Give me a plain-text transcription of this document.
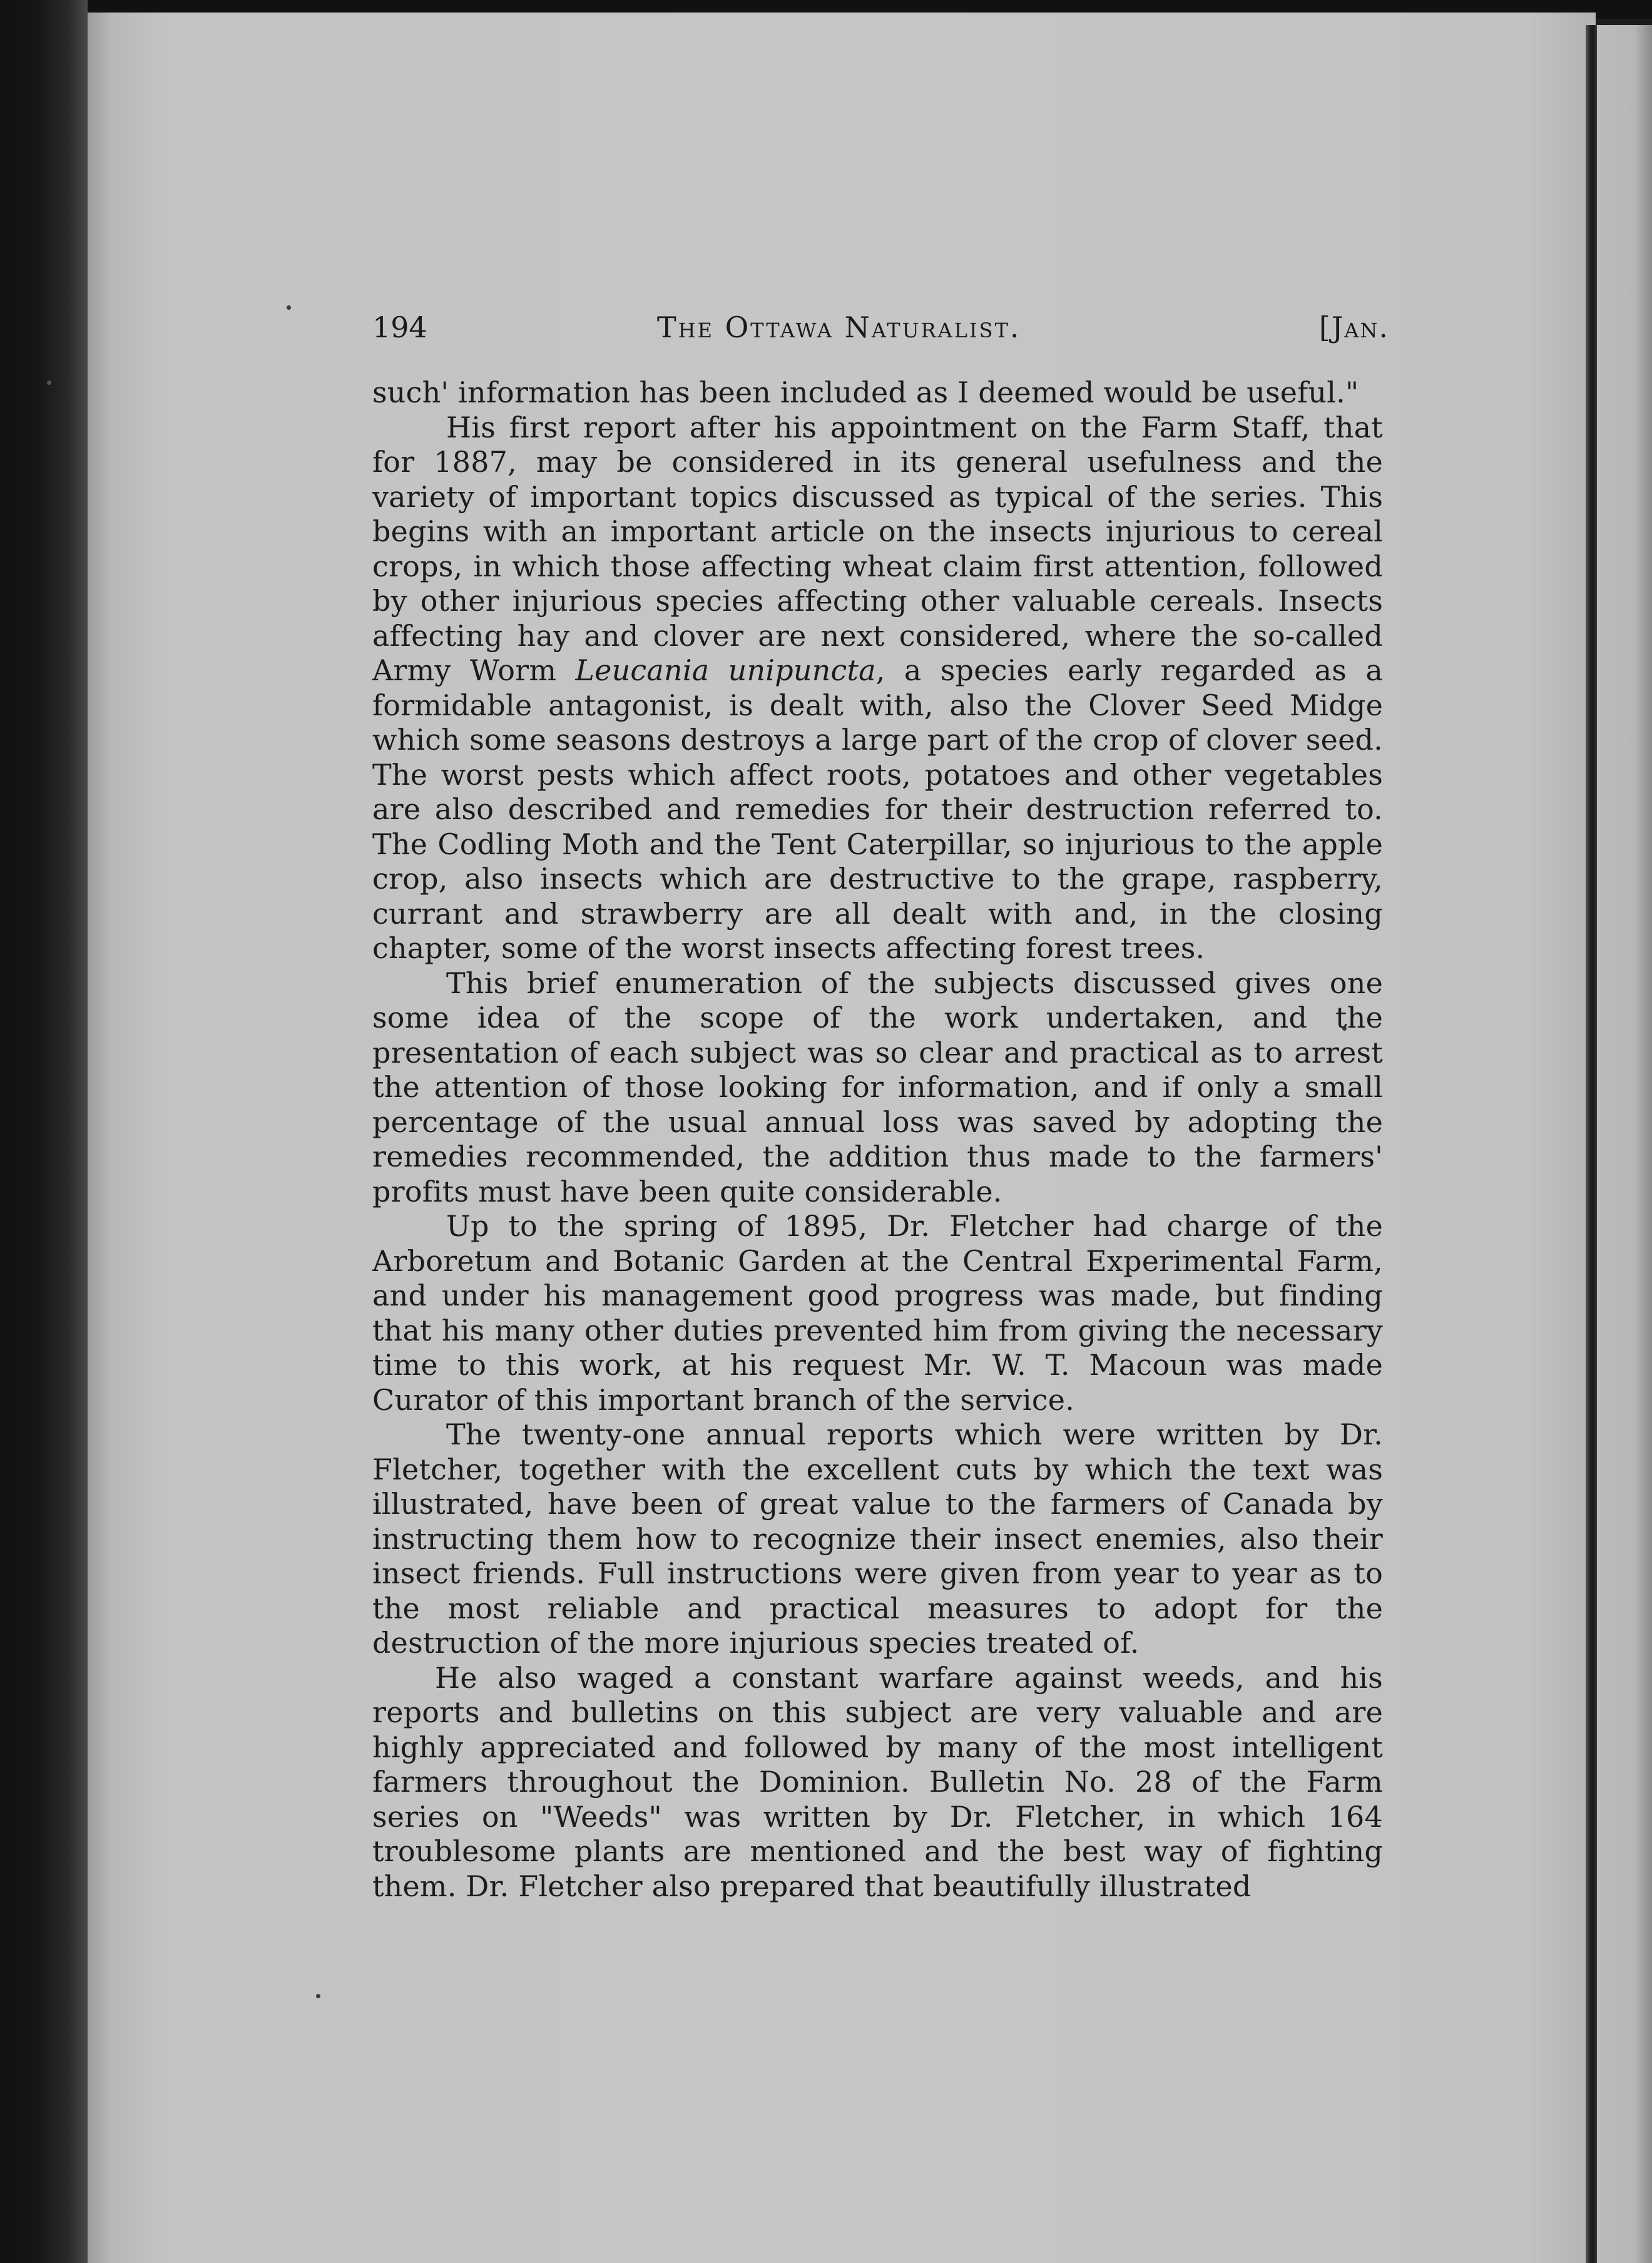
194	The Ottawa Naturalist.	[Jan.

such' information has been included as I deemed would be useful."

His first report after his appointment on the Farm Staff, that for 1887, may be considered in its general usefulness and the variety of important topics discussed as typical of the series. This begins with an important article on the insects injurious to cereal crops, in which those affecting wheat claim first attention, followed by other injurious species affecting other valuable cereals. Insects affecting hay and clover are next considered, where the so-called Army Worm Leucania unipuncta, a species early regarded as a formidable antagonist, is dealt with, also the Clover Seed Midge which some seasons destroys a large part of the crop of clover seed. The worst pests which affect roots, potatoes and other vegetables are also described and remedies for their destruction referred to. The Codling Moth and the Tent Caterpillar, so injurious to the apple crop, also insects which are destructive to the grape, raspberry, currant and strawberry are all dealt with and, in the closing chapter, some of the worst insects affecting forest trees.

This brief enumeration of the subjects discussed gives one some idea of the scope of the work undertaken, and the presentation of each subject was so clear and practical as to arrest the attention of those looking for information, and if only a small percentage of the usual annual loss was saved by adopting the remedies recommended, the addition thus made to the farmers' profits must have been quite considerable.

Up to the spring of 1895, Dr. Fletcher had charge of the Arboretum and Botanic Garden at the Central Experimental Farm, and under his management good progress was made, but finding that his many other duties prevented him from giving the necessary time to this work, at his request Mr. W. T. Macoun was made Curator of this important branch of the service.

The twenty-one annual reports which were written by Dr. Fletcher, together with the excellent cuts by which the text was illustrated, have been of great value to the farmers of Canada by instructing them how to recognize their insect enemies, also their insect friends. Full instructions were given from year to year as to the most reliable and practical measures to adopt for the destruction of the more injurious species treated of.

He also waged a constant warfare against weeds, and his reports and bulletins on this subject are very valuable and are highly appreciated and followed by many of the most intelligent farmers throughout the Dominion. Bulletin No. 28 of the Farm series on "Weeds" was written by Dr. Fletcher, in which 164 troublesome plants are mentioned and the best way of fighting them. Dr. Fletcher also prepared that beautifully illustrated
